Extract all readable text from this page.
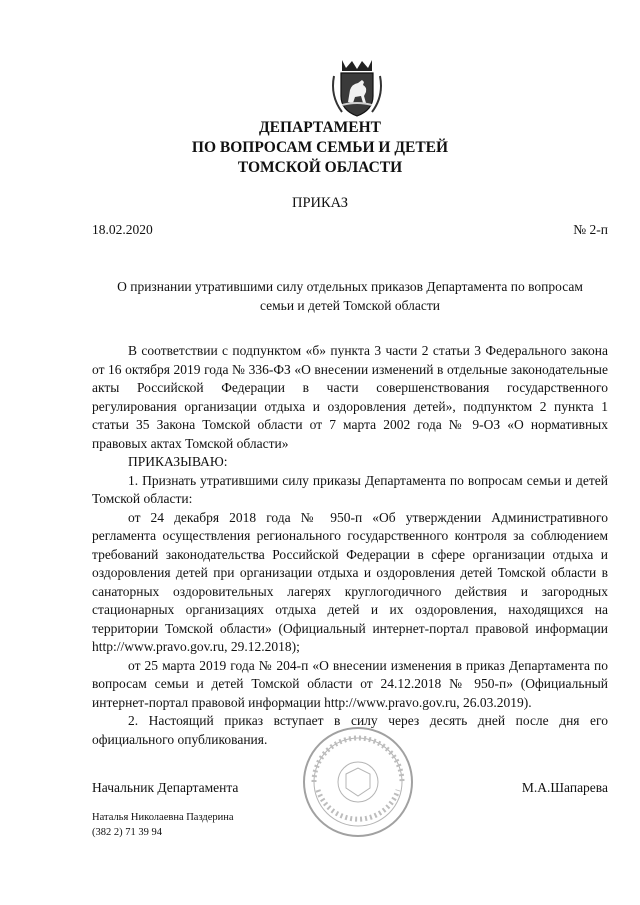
ДЕПАРТАМЕНТ
ПО ВОПРОСАМ СЕМЬИ И ДЕТЕЙ
ТОМСКОЙ ОБЛАСТИ
ПРИКАЗ
18.02.2020	№ 2-п
О признании утратившими силу отдельных приказов Департамента по вопросам
семьи и детей Томской области

В соответствии с подпунктом «б» пункта 3 части 2 статьи 3 Федерального закона от 16 октября 2019 года № 336-ФЗ «О внесении изменений в отдельные законодательные акты Российской Федерации в части совершенствования государственного регулирования организации отдыха и оздоровления детей», подпунктом 2 пункта 1 статьи 35 Закона Томской области от 7 марта 2002 года № 9-ОЗ «О нормативных правовых актах Томской области»

ПРИКАЗЫВАЮ:

1. Признать утратившими силу приказы Департамента по вопросам семьи и детей Томской области:

от 24 декабря 2018 года № 950-п «Об утверждении Административного регламента осуществления регионального государственного контроля за соблюдением требований законодательства Российской Федерации в сфере организации отдыха и оздоровления детей при организации отдыха и оздоровления детей Томской области в санаторных оздоровительных лагерях круглогодичного действия и загородных стационарных организациях отдыха детей и их оздоровления, находящихся на территории Томской области» (Официальный интернет-портал правовой информации http://www.pravo.gov.ru, 29.12.2018);

от 25 марта 2019 года № 204-п «О внесении изменения в приказ Департамента по вопросам семьи и детей Томской области от 24.12.2018 № 950-п» (Официальный интернет-портал правовой информации http://www.pravo.gov.ru, 26.03.2019).

2. Настоящий приказ вступает в силу через десять дней после дня его официального опубликования.

Начальник Департамента	М.А.Шапарева
Наталья Николаевна Паздерина
(382 2) 71 39 94
